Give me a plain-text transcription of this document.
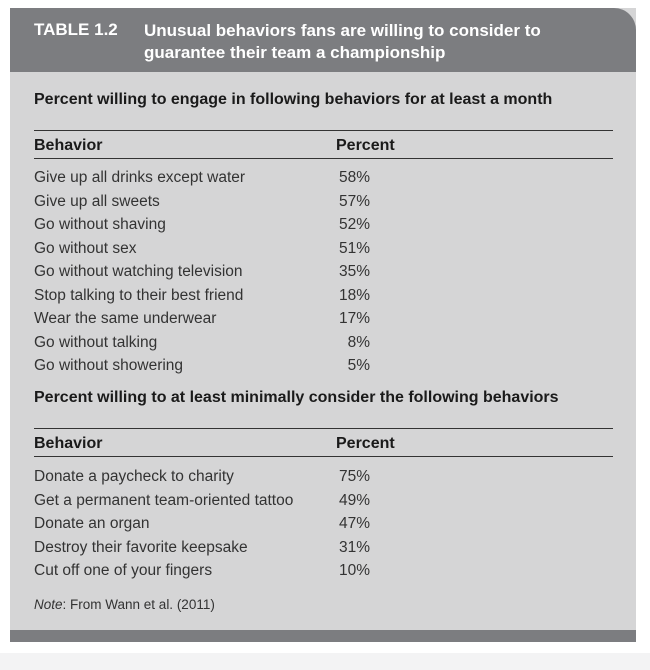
TABLE 1.2 Unusual behaviors fans are willing to consider to guarantee their team a championship
Percent willing to engage in following behaviors for at least a month
Behavior	Percent
Give up all drinks except water	58%
Give up all sweets	57%
Go without shaving	52%
Go without sex	51%
Go without watching television	35%
Stop talking to their best friend	18%
Wear the same underwear	17%
Go without talking	8%
Go without showering	5%
Percent willing to at least minimally consider the following behaviors
Behavior	Percent
Donate a paycheck to charity	75%
Get a permanent team-oriented tattoo	49%
Donate an organ	47%
Destroy their favorite keepsake	31%
Cut off one of your fingers	10%
Note: From Wann et al. (2011)
